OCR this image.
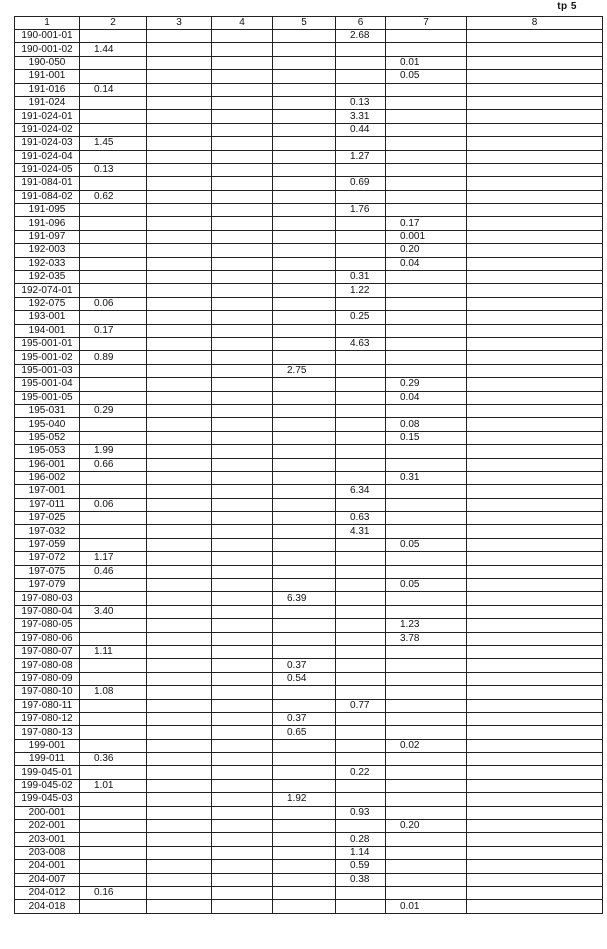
tp 5
1	2	3	4	5	6	7	8
190-001-01					2.68		
190-001-02	1.44						
190-050						0.01	
191-001						0.05	
191-016	0.14						
191-024					0.13		
191-024-01					3.31		
191-024-02					0.44		
191-024-03	1.45						
191-024-04					1.27		
191-024-05	0.13						
191-084-01					0.69		
191-084-02	0.62						
191-095					1.76		
191-096						0.17	
191-097						0.001	
192-003						0.20	
192-033						0.04	
192-035					0.31		
192-074-01					1.22		
192-075	0.06						
193-001					0.25		
194-001	0.17						
195-001-01					4.63		
195-001-02	0.89						
195-001-03				2.75			
195-001-04						0.29	
195-001-05						0.04	
195-031	0.29						
195-040						0.08	
195-052						0.15	
195-053	1.99						
196-001	0.66						
196-002						0.31	
197-001					6.34		
197-011	0.06						
197-025					0.63		
197-032					4.31		
197-059						0.05	
197-072	1.17						
197-075	0.46						
197-079						0.05	
197-080-03				6.39			
197-080-04	3.40						
197-080-05						1.23	
197-080-06						3.78	
197-080-07	1.11						
197-080-08				0.37			
197-080-09				0.54			
197-080-10	1.08						
197-080-11					0.77		
197-080-12				0.37			
197-080-13				0.65			
199-001						0.02	
199-011	0.36						
199-045-01					0.22		
199-045-02	1.01						
199-045-03				1.92			
200-001					0.93		
202-001						0.20	
203-001					0.28		
203-008					1.14		
204-001					0.59		
204-007					0.38		
204-012	0.16						
204-018						0.01	
